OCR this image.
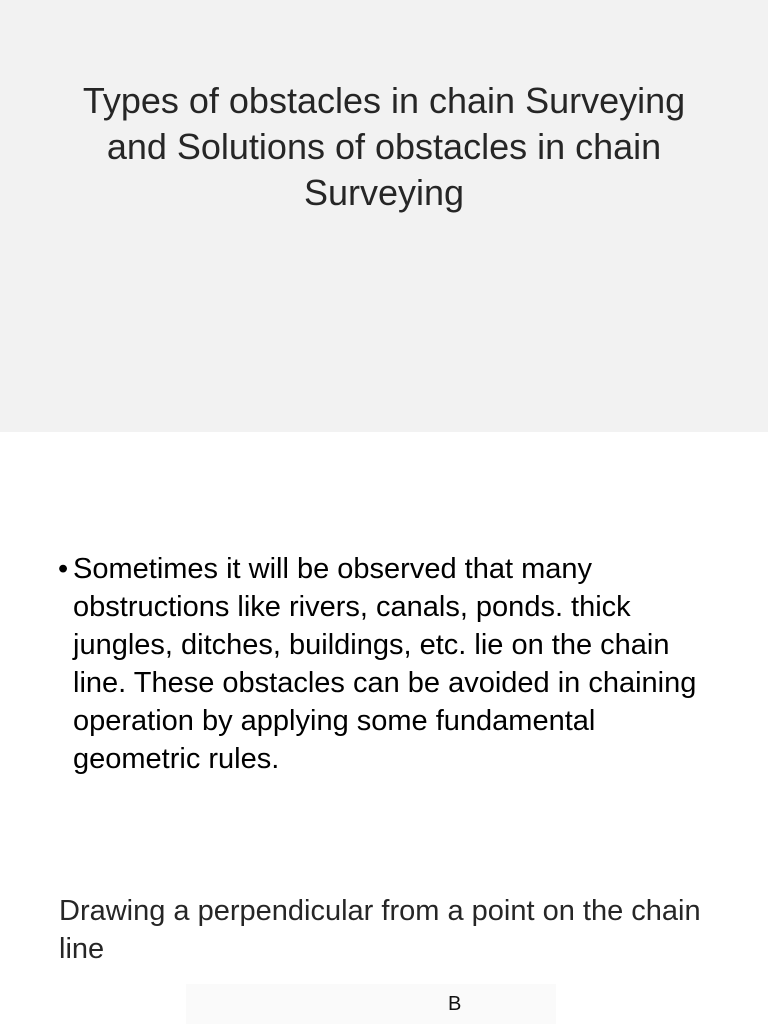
Types of obstacles in chain Surveying and Solutions of obstacles in chain Surveying
• Sometimes it will be observed that many obstructions like rivers, canals, ponds. thick jungles, ditches, buildings, etc. lie on the chain line. These obstacles can be avoided in chaining operation by applying some fundamental geometric rules.
Drawing a perpendicular from a point on the chain line
B
